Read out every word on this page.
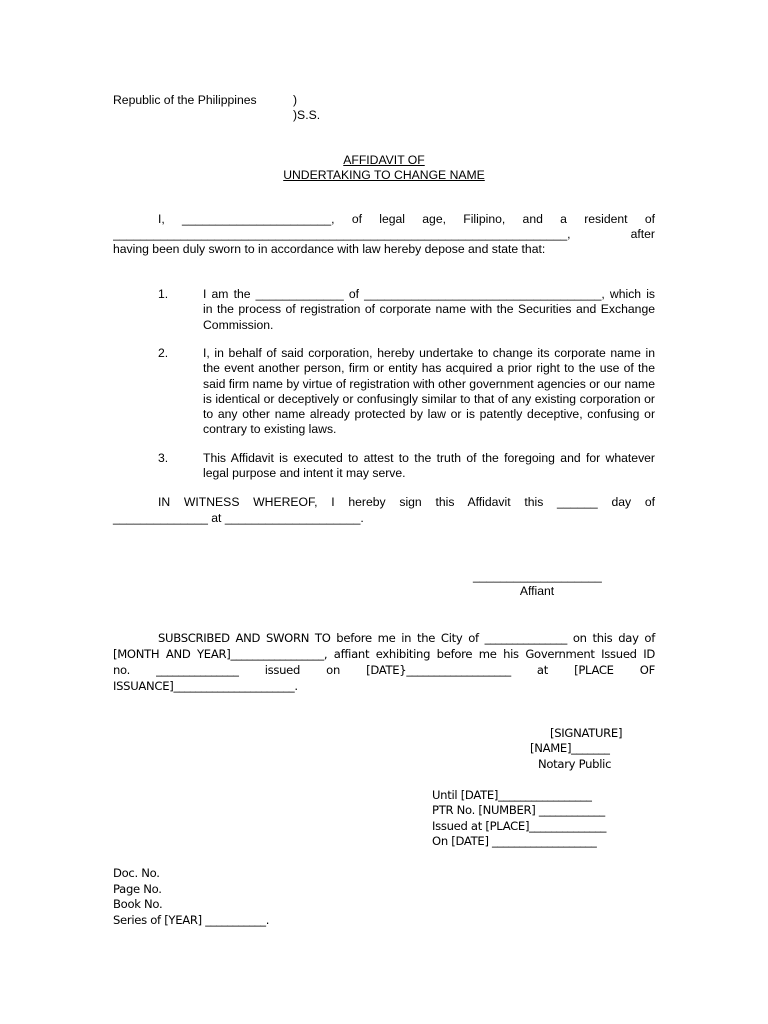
Republic of the Philippines	)
)S.S.
AFFIDAVIT OF
UNDERTAKING TO CHANGE NAME
I, ______________________, of legal age, Filipino, and a resident of
___________________________________________________________________, after
having been duly sworn to in accordance with law hereby depose and state that:
1.	I am the _____________ of ___________________________________, which is in the process of registration of corporate name with the Securities and Exchange Commission.
2.	I, in behalf of said corporation, hereby undertake to change its corporate name in the event another person, firm or entity has acquired a prior right to the use of the said firm name by virtue of registration with other government agencies or our name is identical or deceptively or confusingly similar to that of any existing corporation or to any other name already protected by law or is patently deceptive, confusing or contrary to existing laws.
3.	This Affidavit is executed to attest to the truth of the foregoing and for whatever legal purpose and intent it may serve.
IN WITNESS WHEREOF, I hereby sign this Affidavit this ______ day of
______________ at ____________________.
___________________
Affiant
SUBSCRIBED AND SWORN TO before me in the City of _______________ on this day of
[MONTH AND YEAR]_________________, affiant exhibiting before me his Government Issued ID
no. _______________ issued on [DATE}___________________ at [PLACE OF
ISSUANCE]______________________.
[SIGNATURE]
[NAME]_______
Notary Public
Until [DATE]_________________
PTR No. [NUMBER] ____________
Issued at [PLACE]______________
On [DATE] ___________________
Doc. No.
Page No.
Book No.
Series of [YEAR] ___________.
